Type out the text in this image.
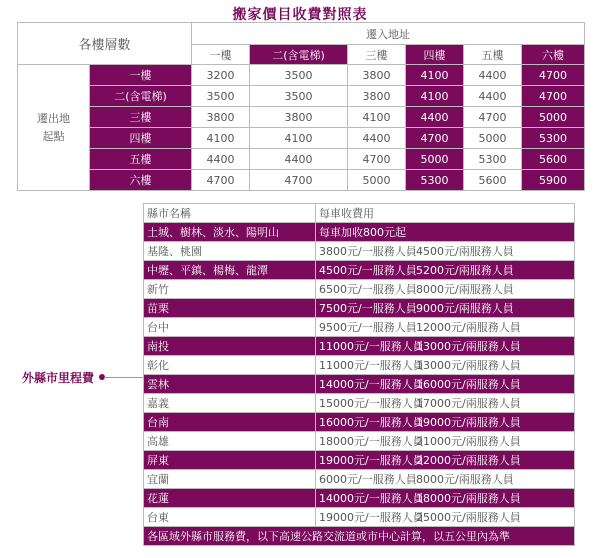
搬家價目收費對照表
各樓層數		遷入地址					
		一樓	二(含電梯)	三樓	四樓	五樓	六樓
遷出地
起點	一樓	3200	3500	3800	4100	4400	4700
	二(含電梯)	3500	3500	3800	4100	4400	4700
	三樓	3800	3800	4100	4400	4700	5000
	四樓	4100	4100	4400	4700	5000	5300
	五樓	4400	4400	4700	5000	5300	5600
	六樓	4700	4700	5000	5300	5600	5900
外縣市里程費
縣市名稱	每車收費用
土城、樹林、淡水、陽明山	每車加收800元起
基隆、桃園	3800元/一服務人員4500元/兩服務人員
中壢、平鎮、楊梅、龍潭	4500元/一服務人員5200元/兩服務人員
新竹	6500元/一服務人員8000元/兩服務人員
苗栗	7500元/一服務人員9000元/兩服務人員
台中	9500元/一服務人員12000元/兩服務人員
南投	11000元/一服務人員13000元/兩服務人員
彰化	11000元/一服務人員13000元/兩服務人員
雲林	14000元/一服務人員16000元/兩服務人員
嘉義	15000元/一服務人員17000元/兩服務人員
台南	16000元/一服務人員19000元/兩服務人員
高雄	18000元/一服務人員21000元/兩服務人員
屏東	19000元/一服務人員22000元/兩服務人員
宜蘭	6000元/一服務人員8000元/兩服務人員
花蓮	14000元/一服務人員18000元/兩服務人員
台東	19000元/一服務人員25000元/兩服務人員
各區域外縣市服務費，以下高速公路交流道或市中心計算，以五公里內為準	
